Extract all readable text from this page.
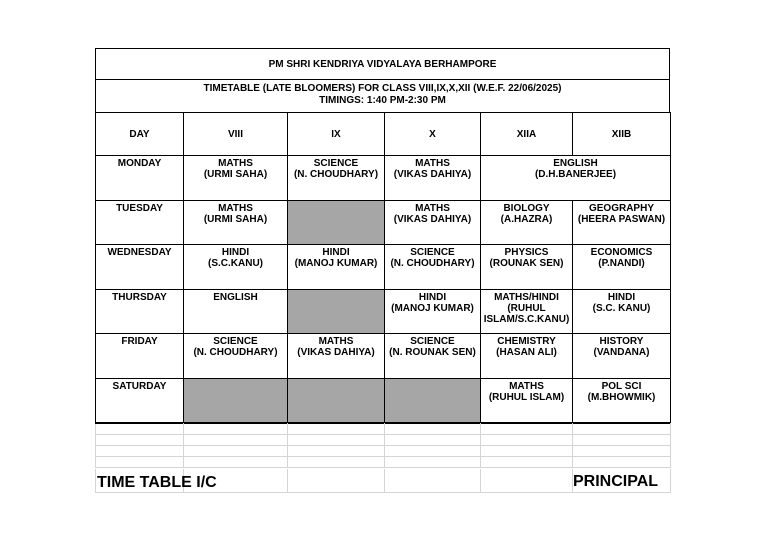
PM SHRI KENDRIYA VIDYALAYA BERHAMPORE
TIMETABLE (LATE BLOOMERS) FOR CLASS VIII,IX,X,XII (W.E.F. 22/06/2025)
TIMINGS: 1:40 PM-2:30 PM
DAY	VIII	IX	X	XIIA	XIIB

MONDAY	MATHS
(URMI SAHA)	SCIENCE
(N. CHOUDHARY)	MATHS
(VIKAS DAHIYA)	ENGLISH
(D.H.BANERJEE)	

TUESDAY	MATHS
(URMI SAHA)		MATHS
(VIKAS DAHIYA)	BIOLOGY
(A.HAZRA)	GEOGRAPHY
(HEERA PASWAN)

WEDNESDAY	HINDI
(S.C.KANU)	HINDI
(MANOJ KUMAR)	SCIENCE
(N. CHOUDHARY)	PHYSICS
(ROUNAK SEN)	ECONOMICS
(P.NANDI)

THURSDAY	ENGLISH		HINDI
(MANOJ KUMAR)	MATHS/HINDI
(RUHUL
ISLAM/S.C.KANU)	HINDI
(S.C. KANU)

FRIDAY	SCIENCE
(N. CHOUDHARY)	MATHS
(VIKAS DAHIYA)	SCIENCE
(N. ROUNAK SEN)	CHEMISTRY
(HASAN ALI)	HISTORY
(VANDANA)

SATURDAY				MATHS
(RUHUL ISLAM)	POL SCI
(M.BHOWMIK)

TIME TABLE I/C	PRINCIPAL
